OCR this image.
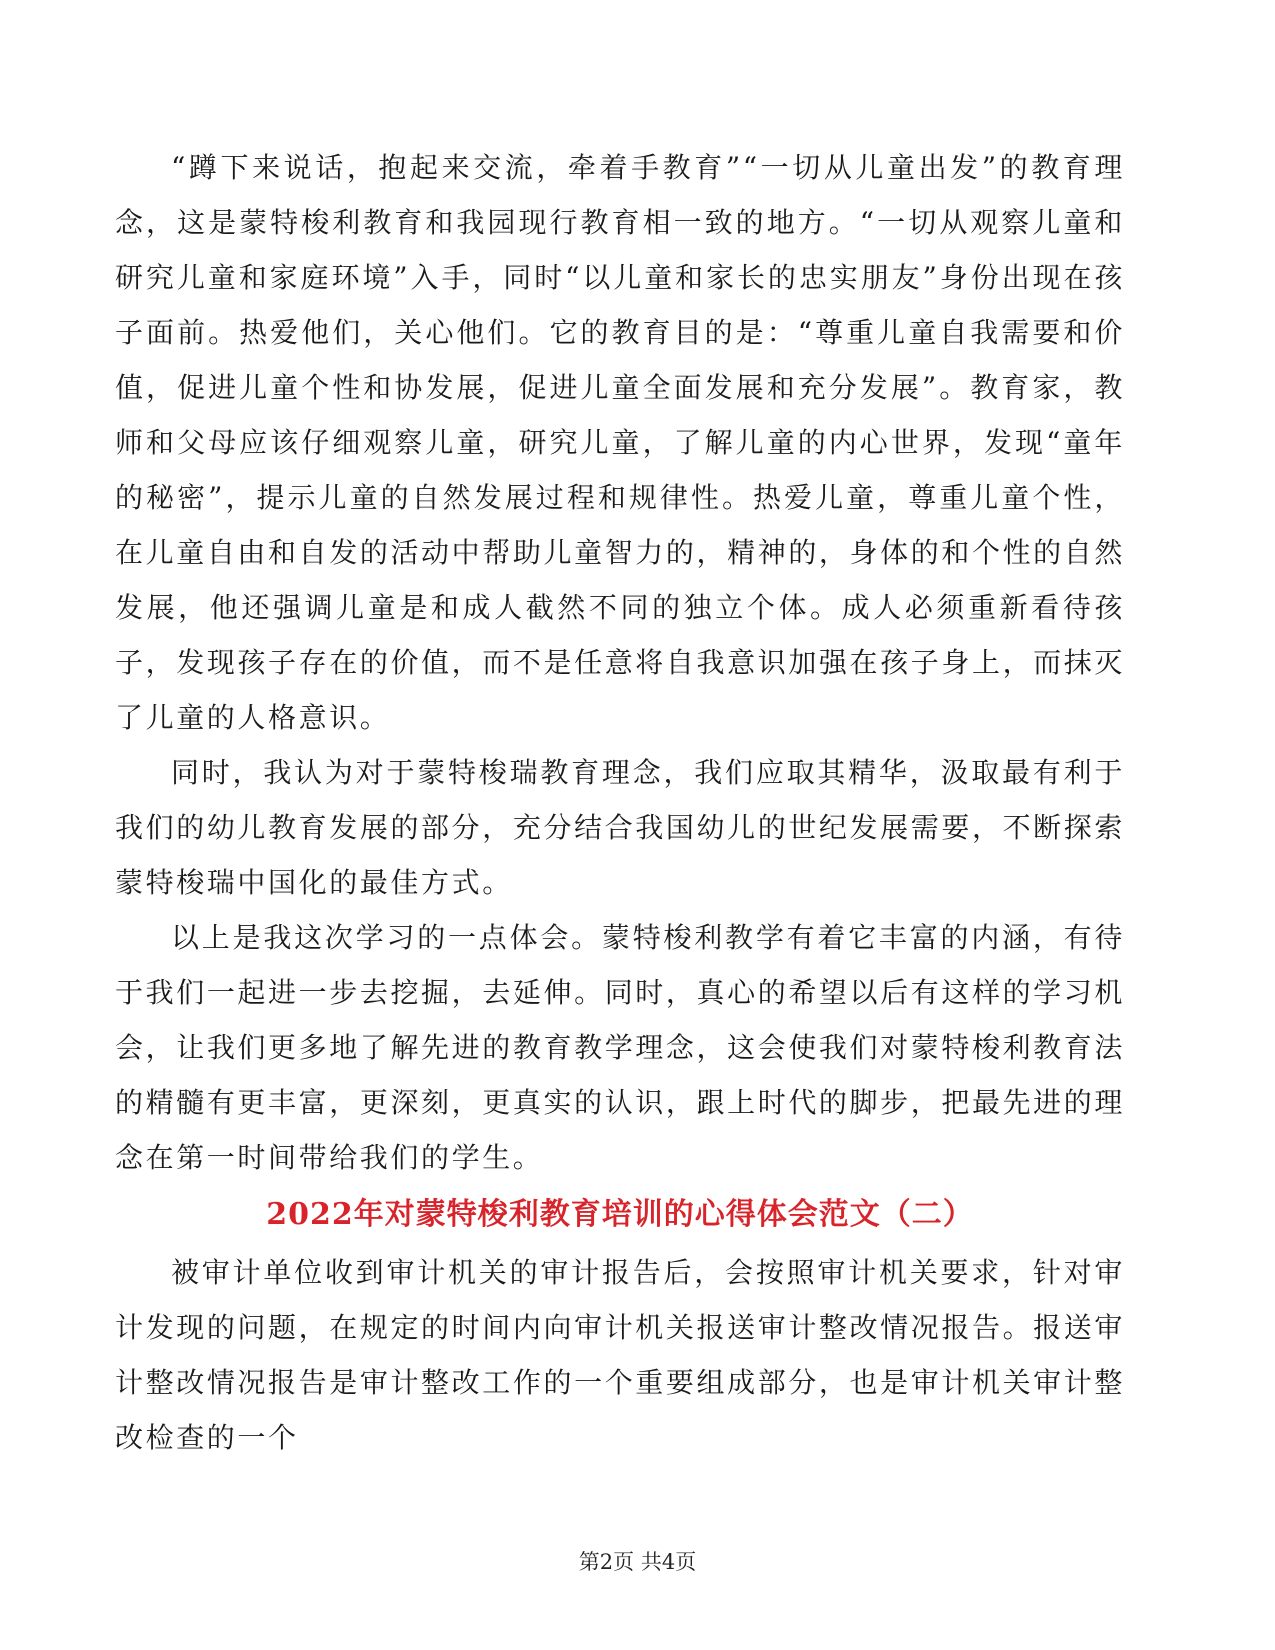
“蹲下来说话，抱起来交流，牵着手教育”“一切从儿童出发”的教育理念，这是蒙特梭利教育和我园现行教育相一致的地方。“一切从观察儿童和研究儿童和家庭环境”入手，同时“以儿童和家长的忠实朋友”身份出现在孩子面前。热爱他们，关心他们。它的教育目的是：“尊重儿童自我需要和价值，促进儿童个性和协发展，促进儿童全面发展和充分发展”。教育家，教师和父母应该仔细观察儿童，研究儿童，了解儿童的内心世界，发现“童年的秘密”，提示儿童的自然发展过程和规律性。热爱儿童，尊重儿童个性，在儿童自由和自发的活动中帮助儿童智力的，精神的，身体的和个性的自然发展，他还强调儿童是和成人截然不同的独立个体。成人必须重新看待孩子，发现孩子存在的价值，而不是任意将自我意识加强在孩子身上，而抹灭了儿童的人格意识。

同时，我认为对于蒙特梭瑞教育理念，我们应取其精华，汲取最有利于我们的幼儿教育发展的部分，充分结合我国幼儿的世纪发展需要，不断探索蒙特梭瑞中国化的最佳方式。

以上是我这次学习的一点体会。蒙特梭利教学有着它丰富的内涵，有待于我们一起进一步去挖掘，去延伸。同时，真心的希望以后有这样的学习机会，让我们更多地了解先进的教育教学理念，这会使我们对蒙特梭利教育法的精髓有更丰富，更深刻，更真实的认识，跟上时代的脚步，把最先进的理念在第一时间带给我们的学生。

2022年对蒙特梭利教育培训的心得体会范文（二）

被审计单位收到审计机关的审计报告后，会按照审计机关要求，针对审计发现的问题，在规定的时间内向审计机关报送审计整改情况报告。报送审计整改情况报告是审计整改工作的一个重要组成部分，也是审计机关审计整改检查的一个

第2页 共4页
